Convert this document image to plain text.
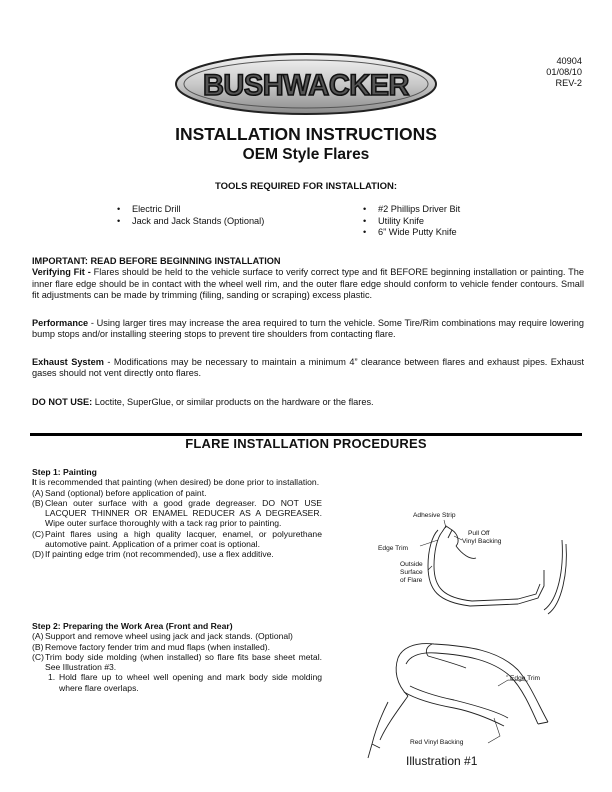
40904
01/08/10
REV-2
BUSHWACKER
INSTALLATION INSTRUCTIONS
OEM Style Flares
TOOLS REQUIRED FOR INSTALLATION:
• Electric Drill
• Jack and Jack Stands (Optional)
• #2 Phillips Driver Bit
• Utility Knife
• 6” Wide Putty Knife
IMPORTANT: READ BEFORE BEGINNING INSTALLATION
Verifying Fit - Flares should be held to the vehicle surface to verify correct type and fit BEFORE beginning installation or painting. The inner flare edge should be in contact with the wheel well rim, and the outer flare edge should conform to vehicle fender contours. Small fit adjustments can be made by trimming (filing, sanding or scraping) excess plastic.
Performance - Using larger tires may increase the area required to turn the vehicle. Some Tire/Rim combinations may require lowering bump stops and/or installing steering stops to prevent tire shoulders from contacting flare.
Exhaust System - Modifications may be necessary to maintain a minimum 4” clearance between flares and exhaust pipes. Exhaust gases should not vent directly onto flares.
DO NOT USE: Loctite, SuperGlue, or similar products on the hardware or the flares.
FLARE INSTALLATION PROCEDURES
Step 1: Painting
It is recommended that painting (when desired) be done prior to installation.
(A) Sand (optional) before application of paint.
(B) Clean outer surface with a good grade degreaser. DO NOT USE LACQUER THINNER OR ENAMEL REDUCER AS A DEGREASER. Wipe outer surface thoroughly with a tack rag prior to painting.
(C) Paint flares using a high quality lacquer, enamel, or polyurethane automotive paint. Application of a primer coat is optional.
(D) If painting edge trim (not recommended), use a flex additive.
Step 2: Preparing the Work Area (Front and Rear)
(A) Support and remove wheel using jack and jack stands. (Optional)
(B) Remove factory fender trim and mud flaps (when installed).
(C) Trim body side molding (when installed) so flare fits base sheet metal. See Illustration #3.
1. Hold flare up to wheel well opening and mark body side molding where flare overlaps.
Adhesive Strip
Edge Trim
Pull Off
Vinyl Backing
Outside
Surface
of Flare
Edge Trim
Red Vinyl Backing
Illustration #1
